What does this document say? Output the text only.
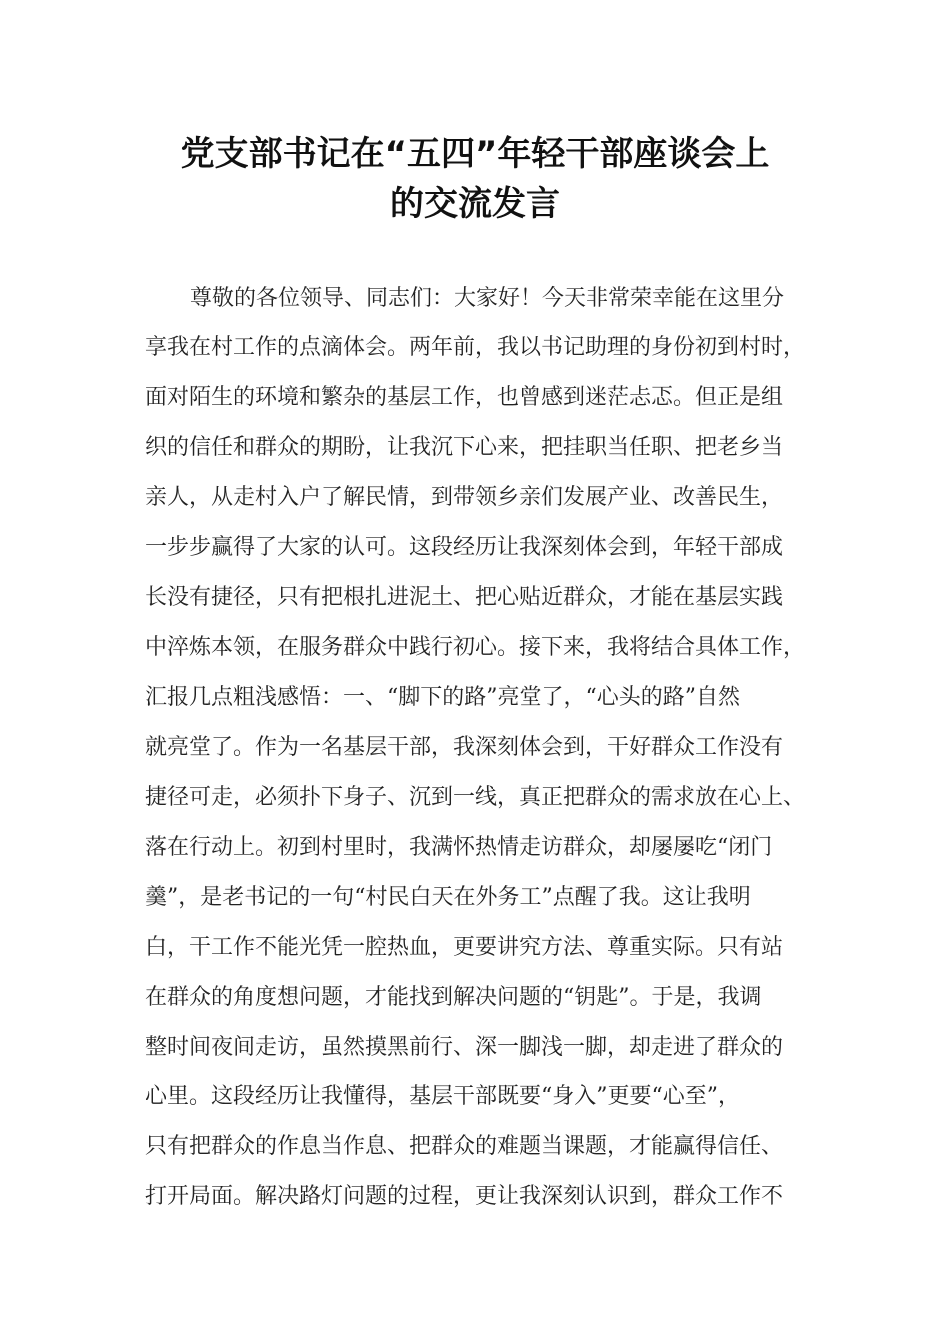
党支部书记在“五四”年轻干部座谈会上
的交流发言
尊敬的各位领导、同志们：大家好！今天非常荣幸能在这里分
享我在村工作的点滴体会。两年前，我以书记助理的身份初到村时，
面对陌生的环境和繁杂的基层工作，也曾感到迷茫忐忑。但正是组
织的信任和群众的期盼，让我沉下心来，把挂职当任职、把老乡当
亲人，从走村入户了解民情，到带领乡亲们发展产业、改善民生，
一步步赢得了大家的认可。这段经历让我深刻体会到，年轻干部成
长没有捷径，只有把根扎进泥土、把心贴近群众，才能在基层实践
中淬炼本领，在服务群众中践行初心。接下来，我将结合具体工作，
汇报几点粗浅感悟：一、“脚下的路”亮堂了，“心头的路”自然
就亮堂了。作为一名基层干部，我深刻体会到，干好群众工作没有
捷径可走，必须扑下身子、沉到一线，真正把群众的需求放在心上、
落在行动上。初到村里时，我满怀热情走访群众，却屡屡吃“闭门
羹”，是老书记的一句“村民白天在外务工”点醒了我。这让我明
白，干工作不能光凭一腔热血，更要讲究方法、尊重实际。只有站
在群众的角度想问题，才能找到解决问题的“钥匙”。于是，我调
整时间夜间走访，虽然摸黑前行、深一脚浅一脚，却走进了群众的
心里。这段经历让我懂得，基层干部既要“身入”更要“心至”，
只有把群众的作息当作息、把群众的难题当课题，才能赢得信任、
打开局面。解决路灯问题的过程，更让我深刻认识到，群众工作不
